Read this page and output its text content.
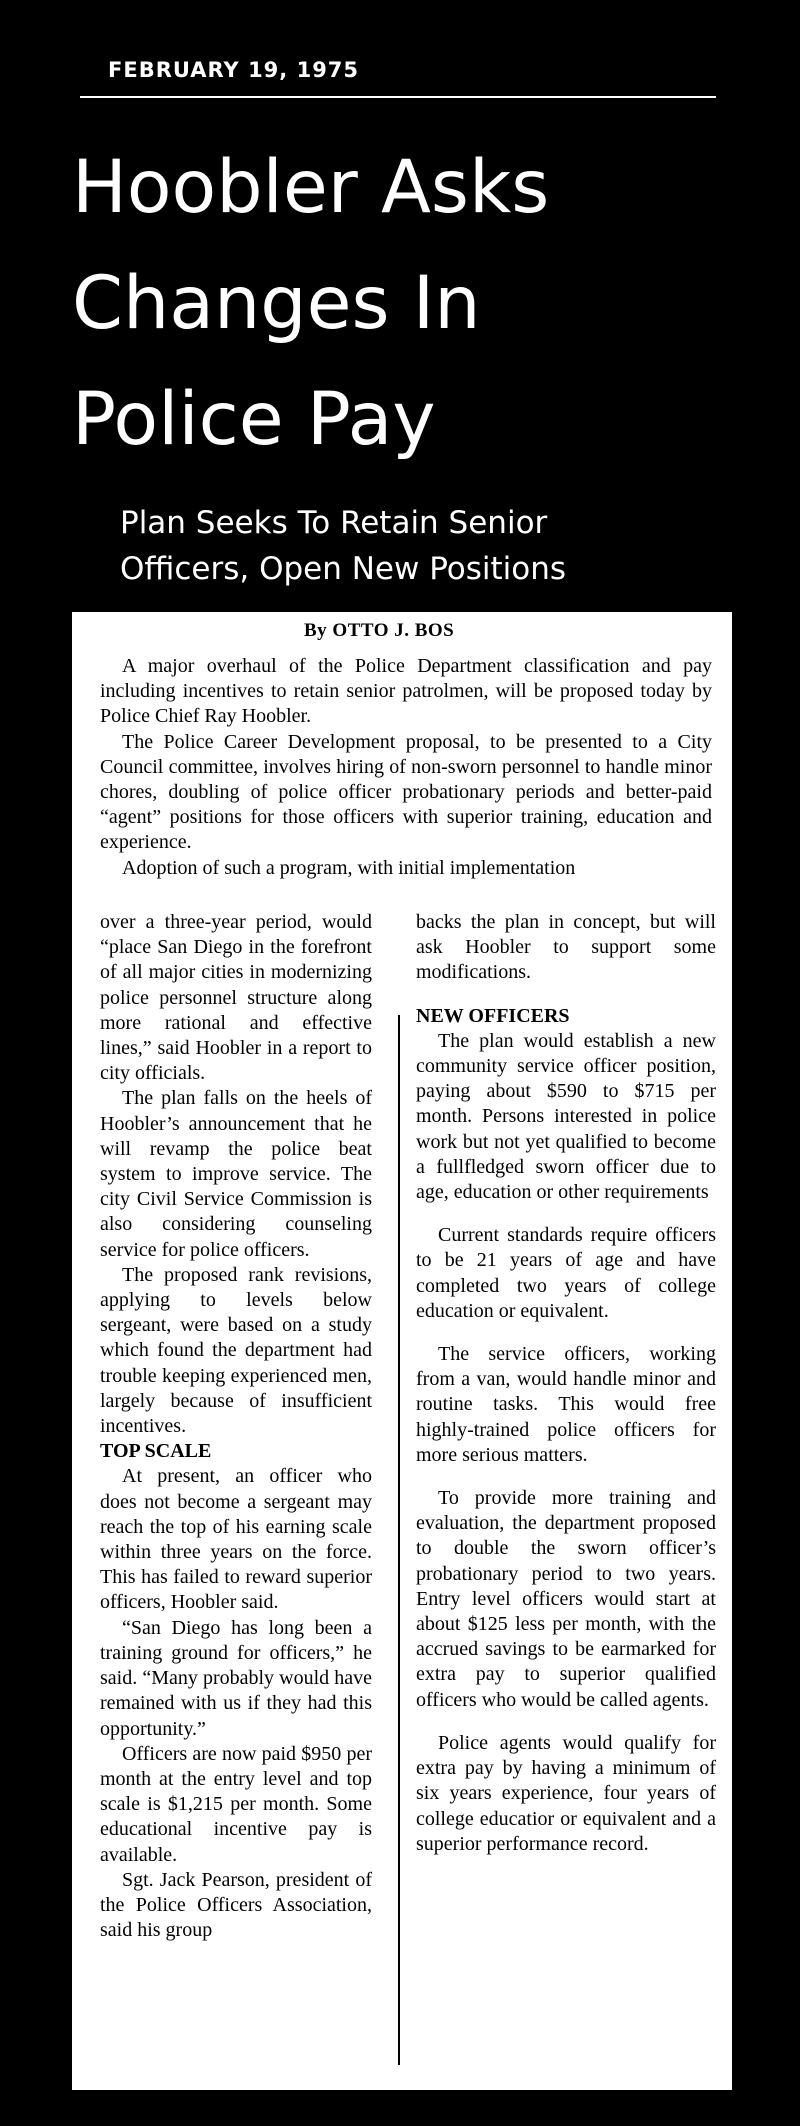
FEBRUARY 19, 1975
Hoobler Asks
Changes In
Police Pay
Plan Seeks To Retain Senior
Officers, Open New Positions
By OTTO J. BOS

A major overhaul of the Police Department classification and pay including incentives to retain senior patrolmen, will be proposed today by Police Chief Ray Hoobler.

The Police Career Development proposal, to be presented to a City Council committee, involves hiring of non-sworn personnel to handle minor chores, doubling of police officer probationary periods and better-paid “agent” positions for those officers with superior training, education and experience.

Adoption of such a program, with initial implementation

over a three-year period, would “place San Diego in the forefront of all major cities in modernizing police personnel structure along more rational and effective lines,” said Hoobler in a report to city officials.

The plan falls on the heels of Hoobler’s announcement that he will revamp the police beat system to improve service. The city Civil Service Commission is also considering counseling service for police officers.

The proposed rank revisions, applying to levels below sergeant, were based on a study which found the department had trouble keeping experienced men, largely because of insufficient incentives.

TOP SCALE

At present, an officer who does not become a sergeant may reach the top of his earning scale within three years on the force. This has failed to reward superior officers, Hoobler said.

“San Diego has long been a training ground for officers,” he said. “Many probably would have remained with us if they had this opportunity.”

Officers are now paid $950 per month at the entry level and top scale is $1,215 per month. Some educational incentive pay is available.

Sgt. Jack Pearson, president of the Police Officers Association, said his group

backs the plan in concept, but will ask Hoobler to support some modifications.

NEW OFFICERS

The plan would establish a new community service officer position, paying about $590 to $715 per month. Persons interested in police work but not yet qualified to become a fullfledged sworn officer due to age, education or other requirements

Current standards require officers to be 21 years of age and have completed two years of college education or equivalent.

The service officers, working from a van, would handle minor and routine tasks. This would free highly-trained police officers for more serious matters.

To provide more training and evaluation, the department proposed to double the sworn officer’s probationary period to two years. Entry level officers would start at about $125 less per month, with the accrued savings to be earmarked for extra pay to superior qualified officers who would be called agents.

Police agents would qualify for extra pay by having a minimum of six years experience, four years of college educatior or equivalent and a superior performance record.
